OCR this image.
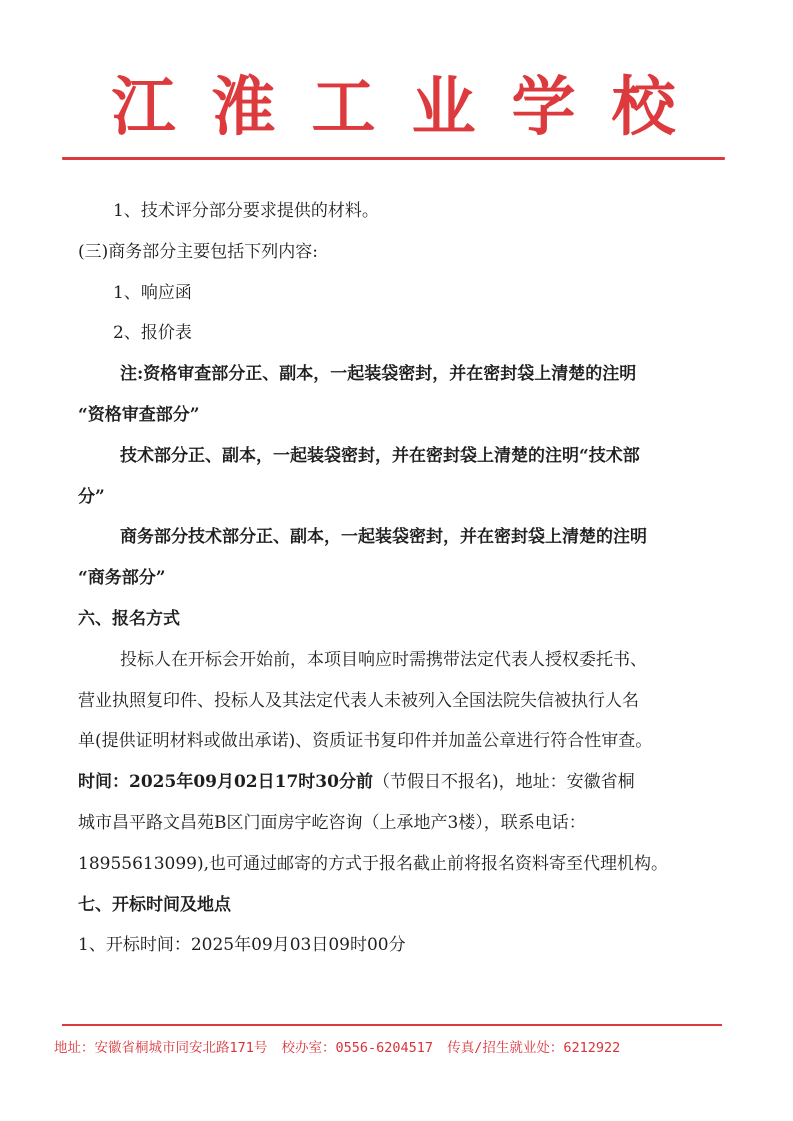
江淮工业学校

1、技术评分部分要求提供的材料。

(三)商务部分主要包括下列内容:

1、响应函

2、报价表

注:资格审查部分正、副本，一起装袋密封，并在密封袋上清楚的注明

“资格审查部分”

技术部分正、副本，一起装袋密封，并在密封袋上清楚的注明“技术部

分”

商务部分技术部分正、副本，一起装袋密封，并在密封袋上清楚的注明

“商务部分”

六、报名方式

投标人在开标会开始前，本项目响应时需携带法定代表人授权委托书、

营业执照复印件、投标人及其法定代表人未被列入全国法院失信被执行人名

单(提供证明材料或做出承诺)、资质证书复印件并加盖公章进行符合性审查。

时间：2025年09月02日17时30分前（节假日不报名)，地址：安徽省桐

城市昌平路文昌苑B区门面房宇屹咨询（上承地产3楼），联系电话：

18955613099),也可通过邮寄的方式于报名截止前将报名资料寄至代理机构。

七、开标时间及地点

1、开标时间：2025年09月03日09时00分

地址：安徽省桐城市同安北路171号 校办室：0556-6204517 传真/招生就业处：6212922
